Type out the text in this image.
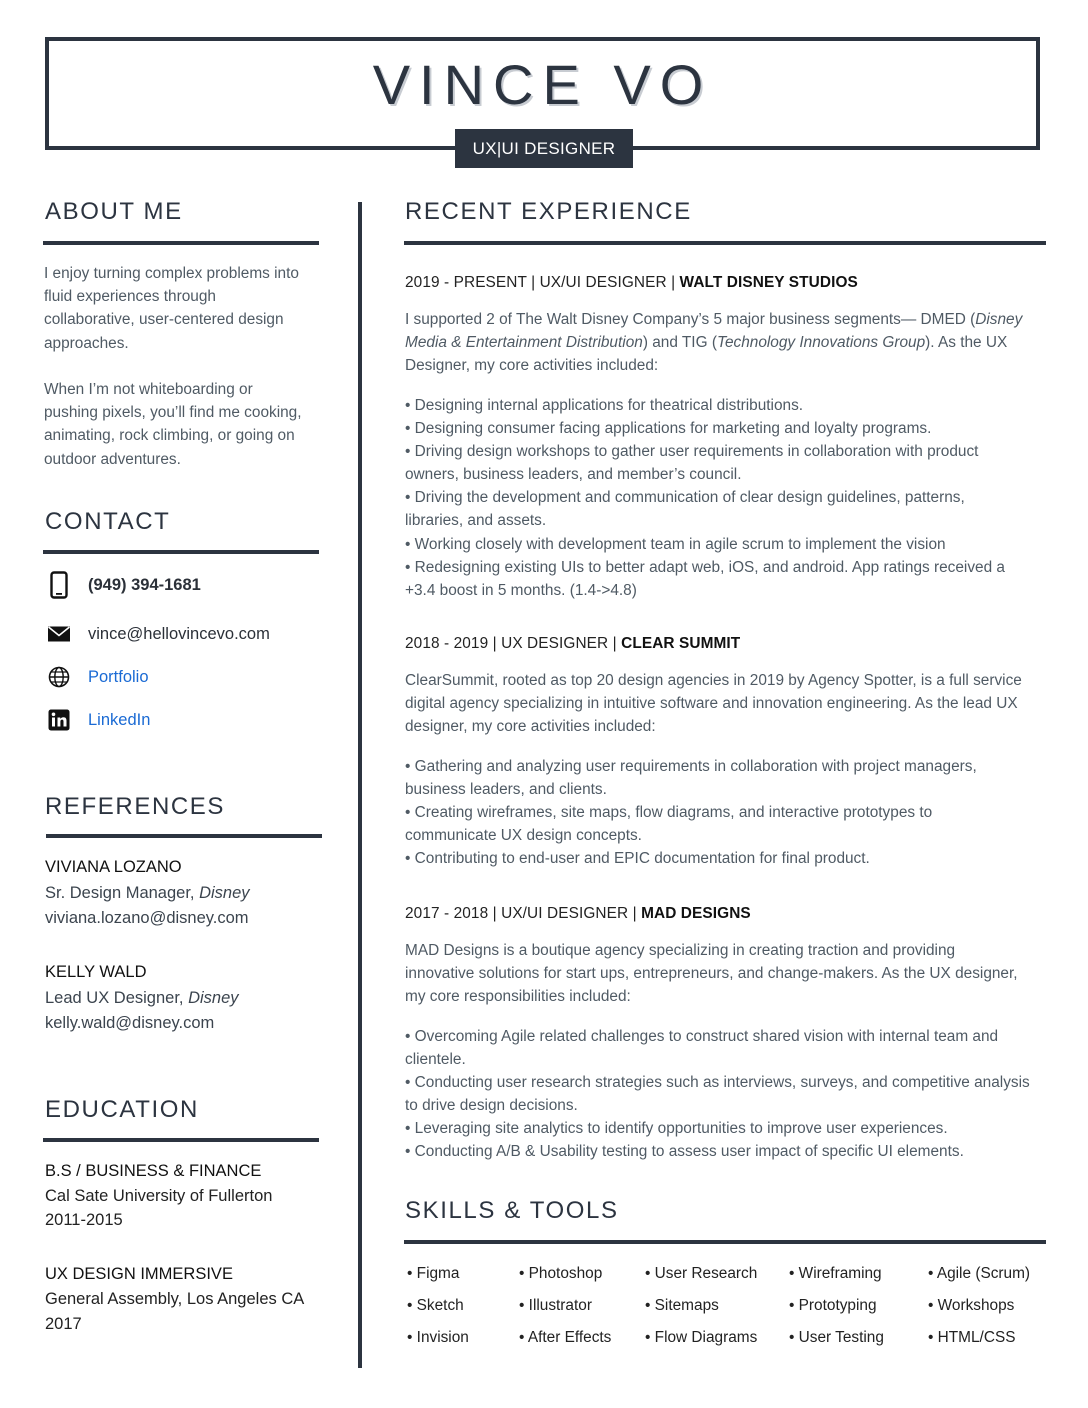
VINCE VO
UX|UI DESIGNER
ABOUT ME
I enjoy turning complex problems into
fluid experiences through
collaborative, user-centered design
approaches.
When I’m not whiteboarding or
pushing pixels, you’ll find me cooking,
animating, rock climbing, or going on
outdoor adventures.
CONTACT
(949) 394-1681
vince@hellovincevo.com
Portfolio
LinkedIn
REFERENCES
VIVIANA LOZANO
Sr. Design Manager, Disney
viviana.lozano@disney.com
KELLY WALD
Lead UX Designer, Disney
kelly.wald@disney.com
EDUCATION
B.S / BUSINESS & FINANCE
Cal Sate University of Fullerton
2011-2015
UX DESIGN IMMERSIVE
General Assembly, Los Angeles CA
2017
RECENT EXPERIENCE
2019 - PRESENT | UX/UI DESIGNER | WALT DISNEY STUDIOS
I supported 2 of The Walt Disney Company’s 5 major business segments— DMED (Disney
Media & Entertainment Distribution) and TIG (Technology Innovations Group). As the UX
Designer, my core activities included:
• Designing internal applications for theatrical distributions.
• Designing consumer facing applications for marketing and loyalty programs.
• Driving design workshops to gather user requirements in collaboration with product
owners, business leaders, and member’s council.
• Driving the development and communication of clear design guidelines, patterns,
libraries, and assets.
• Working closely with development team in agile scrum to implement the vision
• Redesigning existing UIs to better adapt web, iOS, and android. App ratings received a
+3.4 boost in 5 months. (1.4->4.8)
2018 - 2019 | UX DESIGNER | CLEAR SUMMIT
ClearSummit, rooted as top 20 design agencies in 2019 by Agency Spotter, is a full service
digital agency specializing in intuitive software and innovation engineering. As the lead UX
designer, my core activities included:
• Gathering and analyzing user requirements in collaboration with project managers,
business leaders, and clients.
• Creating wireframes, site maps, flow diagrams, and interactive prototypes to
communicate UX design concepts.
• Contributing to end-user and EPIC documentation for final product.
2017 - 2018 | UX/UI DESIGNER | MAD DESIGNS
MAD Designs is a boutique agency specializing in creating traction and providing
innovative solutions for start ups, entrepreneurs, and change-makers. As the UX designer,
my core responsibilities included:
• Overcoming Agile related challenges to construct shared vision with internal team and
clientele.
• Conducting user research strategies such as interviews, surveys, and competitive analysis
to drive design decisions.
• Leveraging site analytics to identify opportunities to improve user experiences.
• Conducting A/B & Usability testing to assess user impact of specific UI elements.
SKILLS & TOOLS
• Figma
• Sketch
• Invision
• Photoshop
• Illustrator
• After Effects
• User Research
• Sitemaps
• Flow Diagrams
• Wireframing
• Prototyping
• User Testing
• Agile (Scrum)
• Workshops
• HTML/CSS
